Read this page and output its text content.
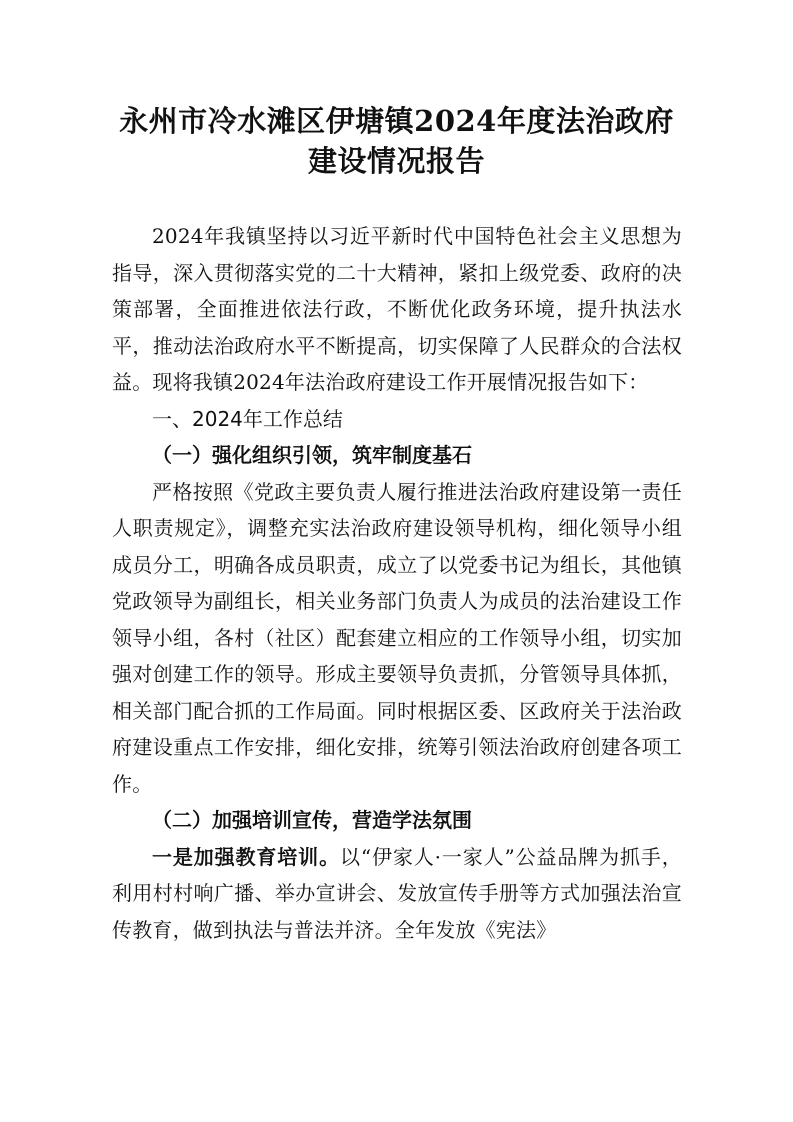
永州市冷水滩区伊塘镇2024年度法治政府
建设情况报告

2024年我镇坚持以习近平新时代中国特色社会主义思想为指导，深入贯彻落实党的二十大精神，紧扣上级党委、政府的决策部署，全面推进依法行政，不断优化政务环境，提升执法水平，推动法治政府水平不断提高，切实保障了人民群众的合法权益。现将我镇2024年法治政府建设工作开展情况报告如下：

一、2024年工作总结

（一）强化组织引领，筑牢制度基石

严格按照《党政主要负责人履行推进法治政府建设第一责任人职责规定》，调整充实法治政府建设领导机构，细化领导小组成员分工，明确各成员职责，成立了以党委书记为组长，其他镇党政领导为副组长，相关业务部门负责人为成员的法治建设工作领导小组，各村（社区）配套建立相应的工作领导小组，切实加强对创建工作的领导。形成主要领导负责抓，分管领导具体抓，相关部门配合抓的工作局面。同时根据区委、区政府关于法治政府建设重点工作安排，细化安排，统筹引领法治政府创建各项工作。

（二）加强培训宣传，营造学法氛围

一是加强教育培训。以“伊家人·一家人”公益品牌为抓手，利用村村响广播、举办宣讲会、发放宣传手册等方式加强法治宣传教育，做到执法与普法并济。全年发放《宪法》
